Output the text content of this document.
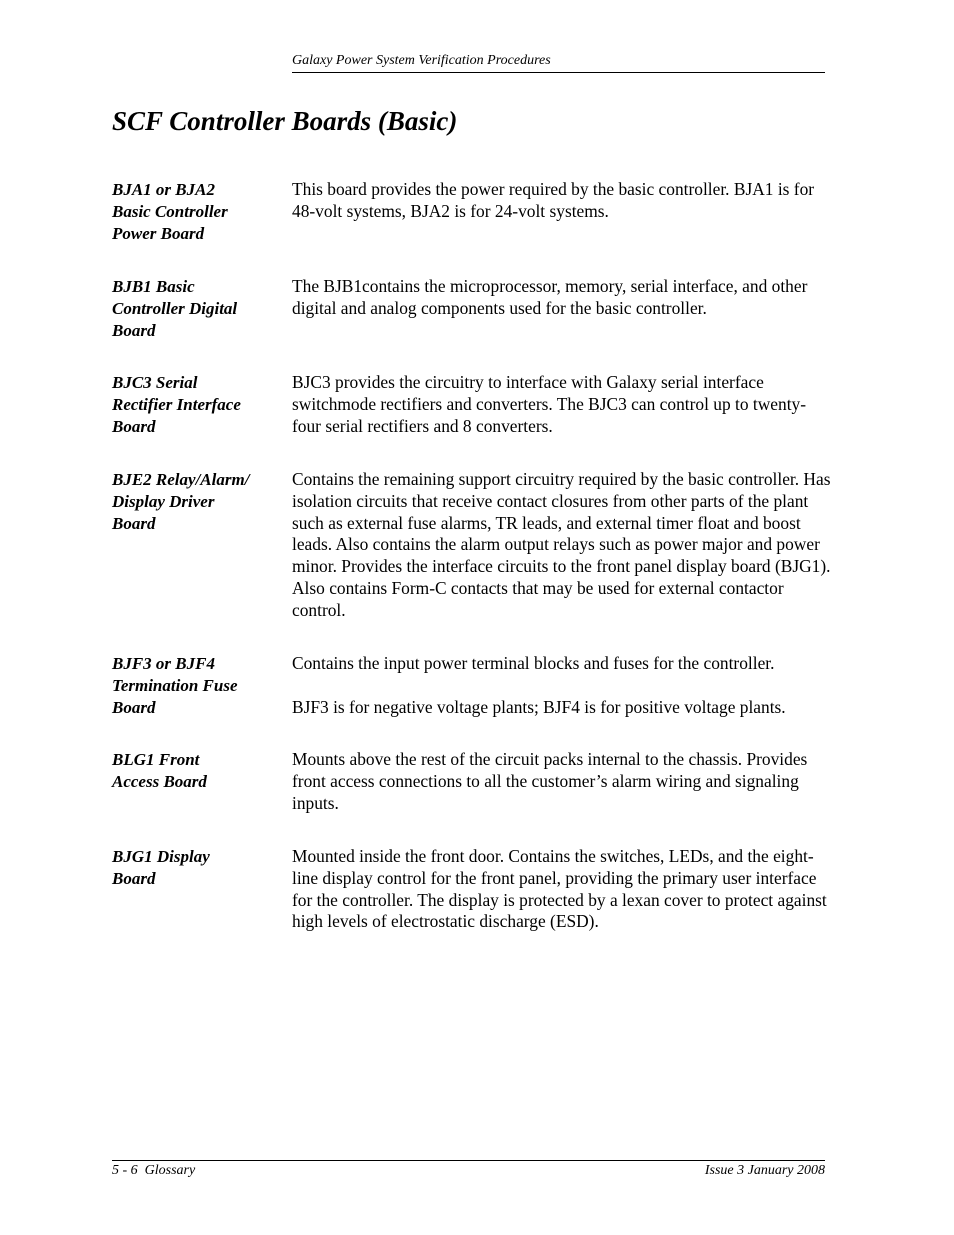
Galaxy Power System Verification Procedures
SCF Controller Boards (Basic)
BJA1 or BJA2
Basic Controller
Power Board

This board provides the power required by the basic controller. BJA1 is for 48-volt systems, BJA2 is for 24-volt systems.

BJB1 Basic
Controller Digital
Board

The BJB1contains the microprocessor, memory, serial interface, and other digital and analog components used for the basic controller.

BJC3 Serial
Rectifier Interface
Board

BJC3 provides the circuitry to interface with Galaxy serial interface switchmode rectifiers and converters. The BJC3 can control up to twenty-four serial rectifiers and 8 converters.

BJE2 Relay/Alarm/
Display Driver
Board

Contains the remaining support circuitry required by the basic controller. Has isolation circuits that receive contact closures from other parts of the plant such as external fuse alarms, TR leads, and external timer float and boost leads. Also contains the alarm output relays such as power major and power minor. Provides the interface circuits to the front panel display board (BJG1). Also contains Form-C contacts that may be used for external contactor control.

BJF3 or BJF4
Termination Fuse
Board

Contains the input power terminal blocks and fuses for the controller.

BJF3 is for negative voltage plants; BJF4 is for positive voltage plants.

BLG1 Front
Access Board

Mounts above the rest of the circuit packs internal to the chassis. Provides front access connections to all the customer’s alarm wiring and signaling inputs.

BJG1 Display
Board

Mounted inside the front door. Contains the switches, LEDs, and the eight-line display control for the front panel, providing the primary user interface for the controller. The display is protected by a lexan cover to protect against high levels of electrostatic discharge (ESD).

5 - 6  Glossary	Issue 3 January 2008
